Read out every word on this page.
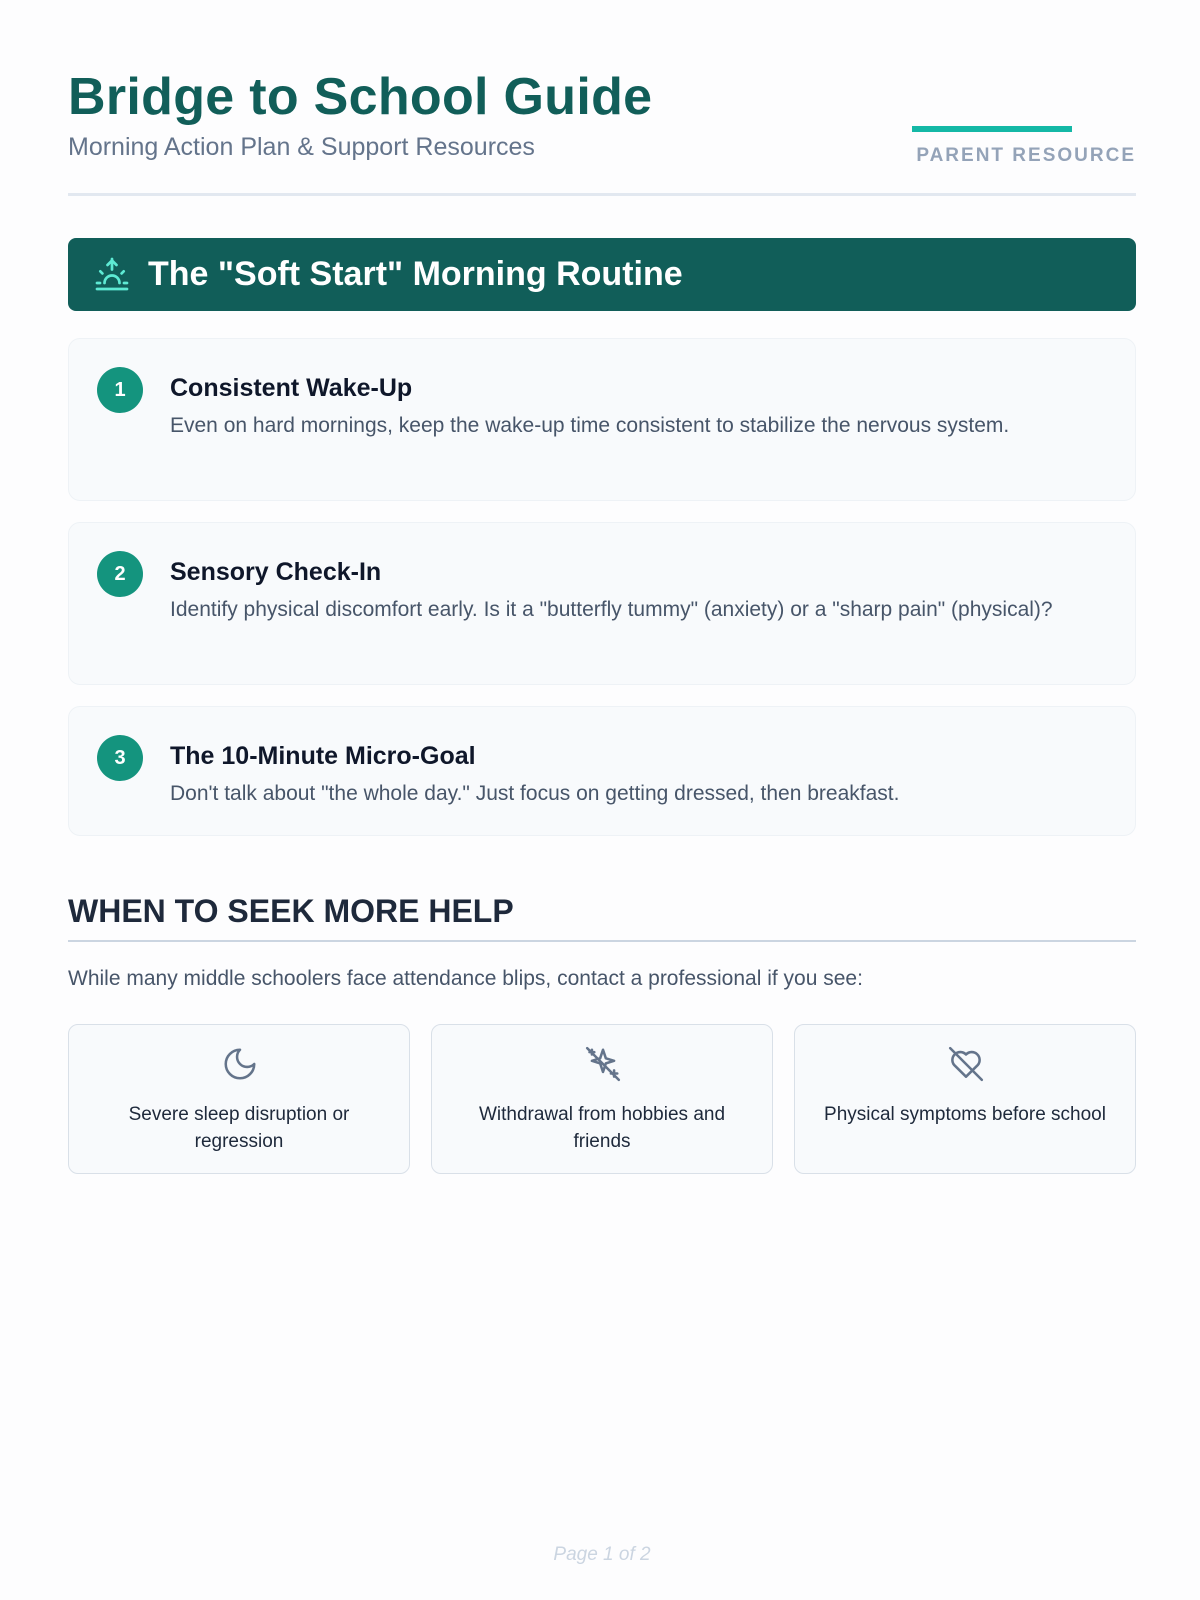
Bridge to School Guide
Morning Action Plan & Support Resources	PARENT RESOURCE
The "Soft Start" Morning Routine
1	Consistent Wake-Up
Even on hard mornings, keep the wake-up time consistent to stabilize the nervous system.
2	Sensory Check-In
Identify physical discomfort early. Is it a "butterfly tummy" (anxiety) or a "sharp pain" (physical)?
3	The 10-Minute Micro-Goal
Don't talk about "the whole day." Just focus on getting dressed, then breakfast.
WHEN TO SEEK MORE HELP
While many middle schoolers face attendance blips, contact a professional if you see:
Severe sleep disruption or regression
Withdrawal from hobbies and friends
Physical symptoms before school
Page 1 of 2
